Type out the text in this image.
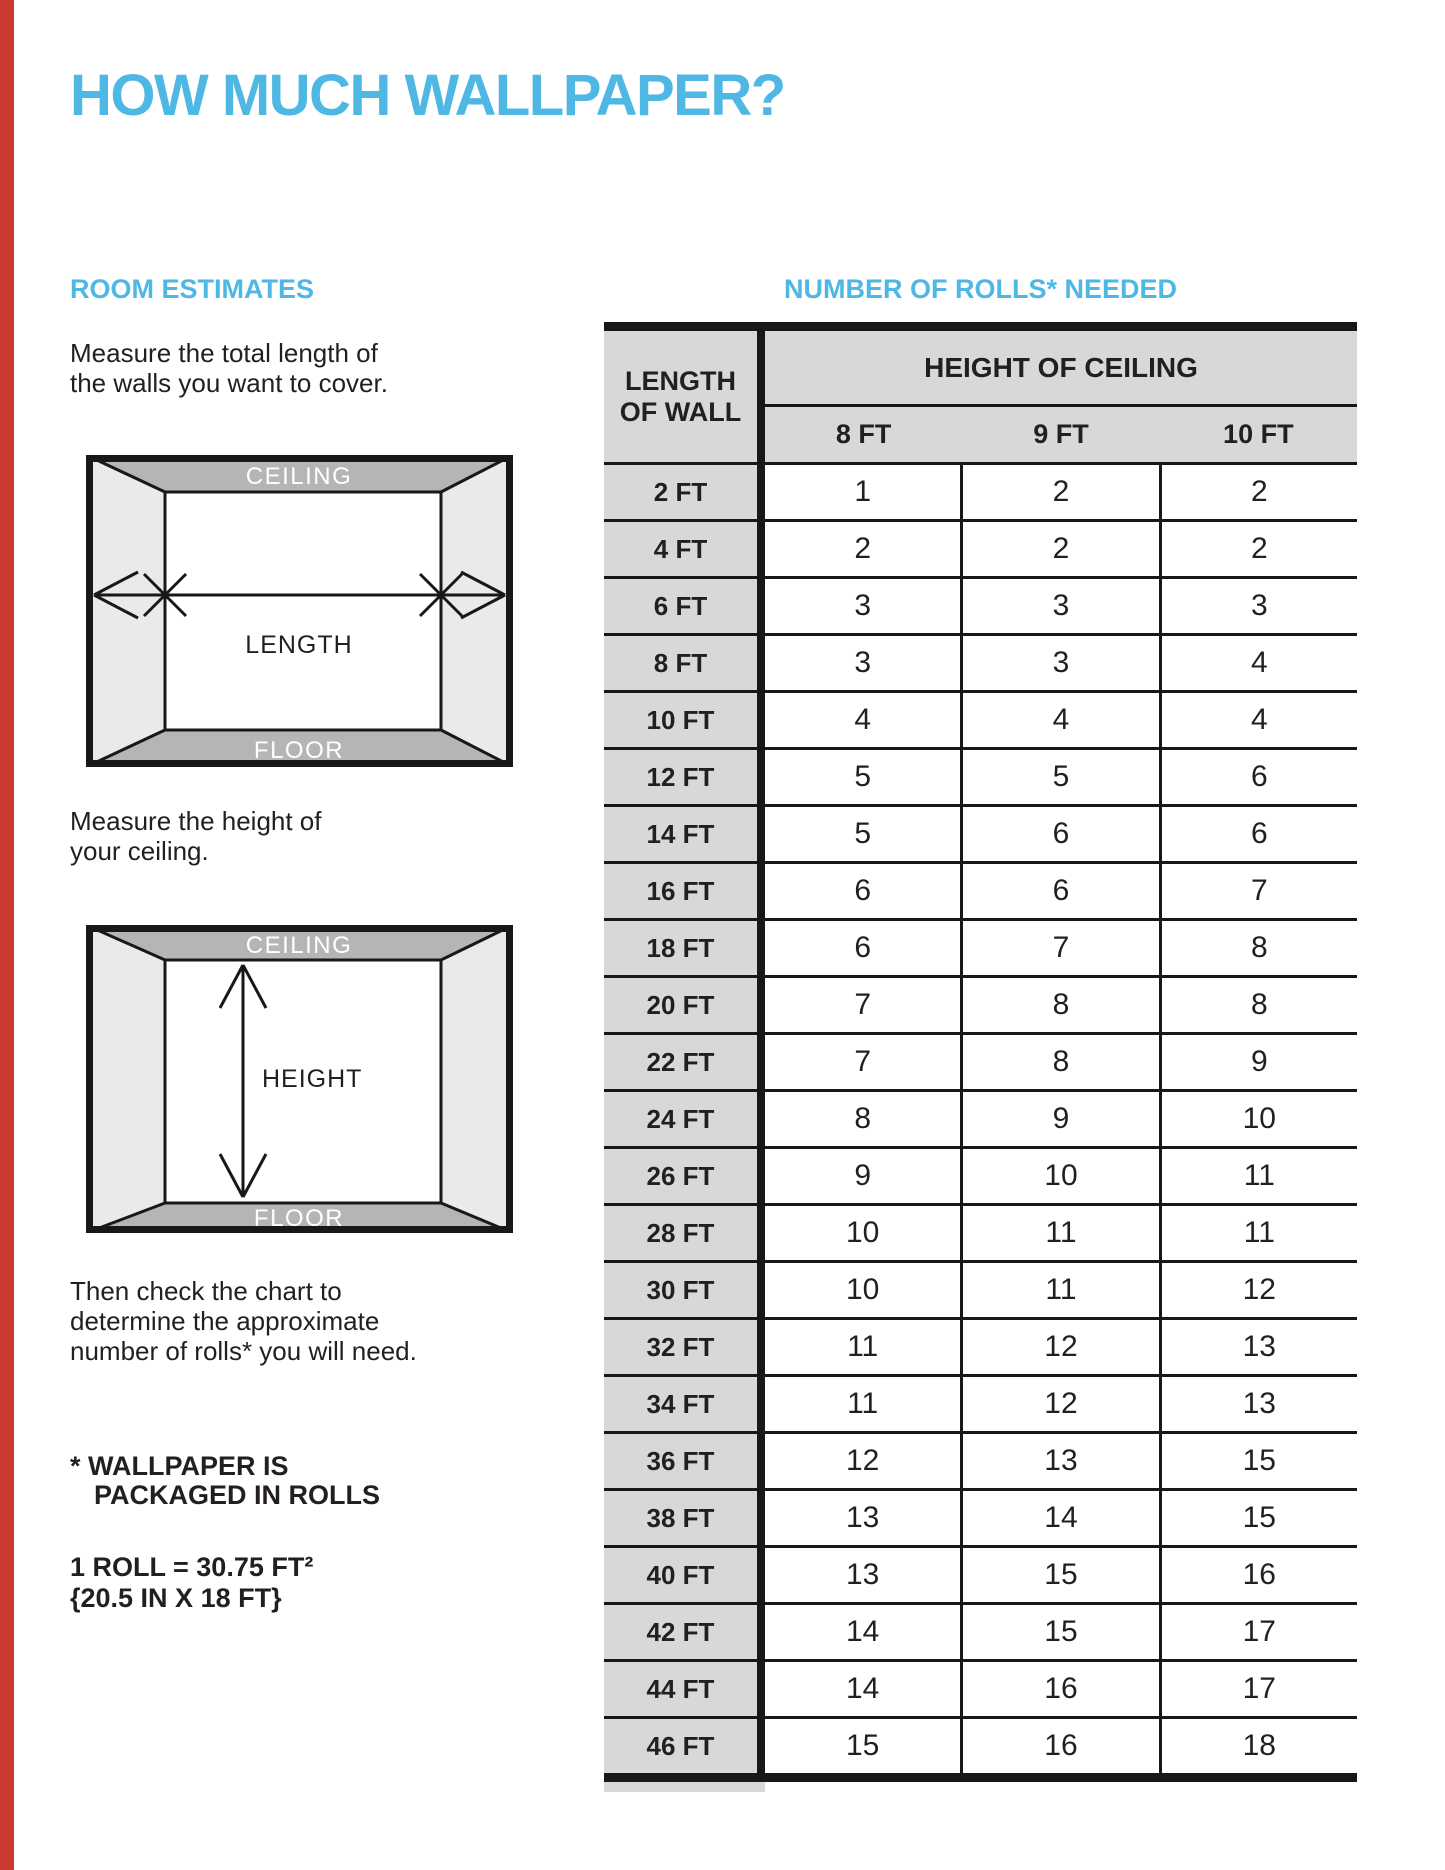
HOW MUCH WALLPAPER?
ROOM ESTIMATES	NUMBER OF ROLLS* NEEDED
Measure the total length of
the walls you want to cover.
CEILING
FLOOR
LENGTH
Measure the height of
your ceiling.
CEILING
FLOOR
HEIGHT
Then check the chart to
determine the approximate
number of rolls* you will need.
* WALLPAPER IS
PACKAGED IN ROLLS
1 ROLL = 30.75 FT²
{20.5 IN X 18 FT}
LENGTH
OF WALL
HEIGHT OF CEILING
8 FT	9 FT	10 FT
2 FT	1	2	2
4 FT	2	2	2
6 FT	3	3	3
8 FT	3	3	4
10 FT	4	4	4
12 FT	5	5	6
14 FT	5	6	6
16 FT	6	6	7
18 FT	6	7	8
20 FT	7	8	8
22 FT	7	8	9
24 FT	8	9	10
26 FT	9	10	11
28 FT	10	11	11
30 FT	10	11	12
32 FT	11	12	13
34 FT	11	12	13
36 FT	12	13	15
38 FT	13	14	15
40 FT	13	15	16
42 FT	14	15	17
44 FT	14	16	17
46 FT	15	16	18
